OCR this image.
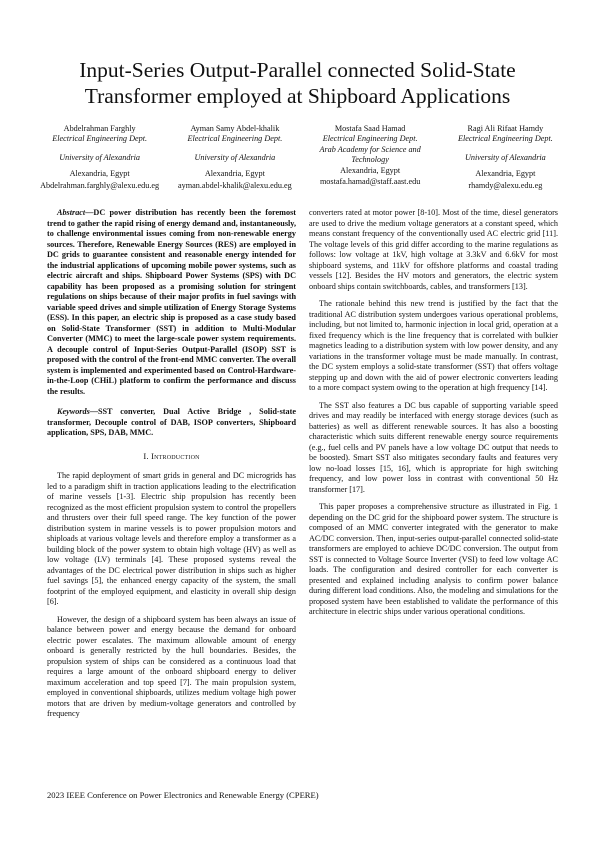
Input-Series Output-Parallel connected Solid-State Transformer employed at Shipboard Applications

Abdelrahman Farghly

Electrical Engineering Dept.

University of Alexandria

Alexandria, Egypt

Abdelrahman.farghly@alexu.edu.eg

Ayman Samy Abdel-khalik

Electrical Engineering Dept.

University of Alexandria

Alexandria, Egypt

ayman.abdel-khalik@alexu.edu.eg

Mostafa Saad Hamad

Electrical Engineering Dept.

Arab Academy for Science and Technology

Alexandria, Egypt

mostafa.hamad@staff.aast.edu

Ragi Ali Rifaat Hamdy

Electrical Engineering Dept.

University of Alexandria

Alexandria, Egypt

rhamdy@alexu.edu.eg

Abstract—DC power distribution has recently been the foremost trend to gather the rapid rising of energy demand and, instantaneously, to challenge environmental issues coming from non-renewable energy sources. Therefore, Renewable Energy Sources (RES) are employed in DC grids to guarantee consistent and reasonable energy intended for the industrial applications of upcoming mobile power systems, such as electric aircraft and ships. Shipboard Power Systems (SPS) with DC capability has been proposed as a promising solution for stringent regulations on ships because of their major profits in fuel savings with variable speed drives and simple utilization of Energy Storage Systems (ESS). In this paper, an electric ship is proposed as a case study based on Solid-State Transformer (SST) in addition to Multi-Modular Converter (MMC) to meet the large-scale power system requirements. A decouple control of Input-Series Output-Parallel (ISOP) SST is proposed with the control of the front-end MMC converter. The overall system is implemented and experimented based on Control-Hardware-in-the-Loop (CHiL) platform to confirm the performance and discuss the results.

Keywords—SST converter, Dual Active Bridge , Solid-state transformer, Decouple control of DAB, ISOP converters, Shipboard application, SPS, DAB, MMC.

I. Introduction

The rapid deployment of smart grids in general and DC microgrids has led to a paradigm shift in traction applications leading to the electrification of marine vessels [1-3]. Electric ship propulsion has recently been recognized as the most efficient propulsion system to control the propellers and thrusters over their full speed range. The key function of the power distribution system in marine vessels is to power propulsion motors and shiploads at various voltage levels and therefore employ a transformer as a building block of the power system to obtain high voltage (HV) as well as low voltage (LV) terminals [4]. These proposed systems reveal the advantages of the DC electrical power distribution in ships such as higher fuel savings [5], the enhanced energy capacity of the system, the small footprint of the employed equipment, and elasticity in overall ship design [6].

However, the design of a shipboard system has been always an issue of balance between power and energy because the demand for onboard electric power escalates. The maximum allowable amount of energy onboard is generally restricted by the hull boundaries. Besides, the propulsion system of ships can be considered as a continuous load that requires a large amount of the onboard shipboard energy to deliver maximum acceleration and top speed [7]. The main propulsion system, employed in conventional shipboards, utilizes medium voltage high power motors that are driven by medium-voltage generators and controlled by frequency

converters rated at motor power [8-10]. Most of the time, diesel generators are used to drive the medium voltage generators at a constant speed, which means constant frequency of the conventionally used AC electric grid [11]. The voltage levels of this grid differ according to the marine regulations as follows: low voltage at 1kV, high voltage at 3.3kV and 6.6kV for most shipboard systems, and 11kV for offshore platforms and coastal trading vessels [12]. Besides the HV motors and generators, the electric system onboard ships contain switchboards, cables, and transformers [13].

The rationale behind this new trend is justified by the fact that the traditional AC distribution system undergoes various operational problems, including, but not limited to, harmonic injection in local grid, operation at a fixed frequency which is the line frequency that is correlated with bulkier magnetics leading to a distribution system with low power density, and any variations in the transformer voltage must be made manually. In contrast, the DC system employs a solid-state transformer (SST) that offers voltage stepping up and down with the aid of power electronic converters leading to a more compact system owing to the operation at high frequency [14].

The SST also features a DC bus capable of supporting variable speed drives and may readily be interfaced with energy storage devices (such as batteries) as well as different renewable sources. It has also a boosting characteristic which suits different renewable energy source requirements (e.g., fuel cells and PV panels have a low voltage DC output that needs to be boosted). Smart SST also mitigates secondary faults and features very low no-load losses [15, 16], which is appropriate for high switching frequency, and low power loss in contrast with conventional 50 Hz transformer [17].

This paper proposes a comprehensive structure as illustrated in Fig. 1 depending on the DC grid for the shipboard power system. The structure is composed of an MMC converter integrated with the generator to make AC/DC conversion. Then, input-series output-parallel connected solid-state transformers are employed to achieve DC/DC conversion. The output from SST is connected to Voltage Source Inverter (VSI) to feed low voltage AC loads. The configuration and desired controller for each converter is presented and explained including analysis to confirm power balance during different load conditions. Also, the modeling and simulations for the proposed system have been established to validate the performance of this architecture in electric ships under various operational conditions.

2023 IEEE Conference on Power Electronics and Renewable Energy (CPERE)
